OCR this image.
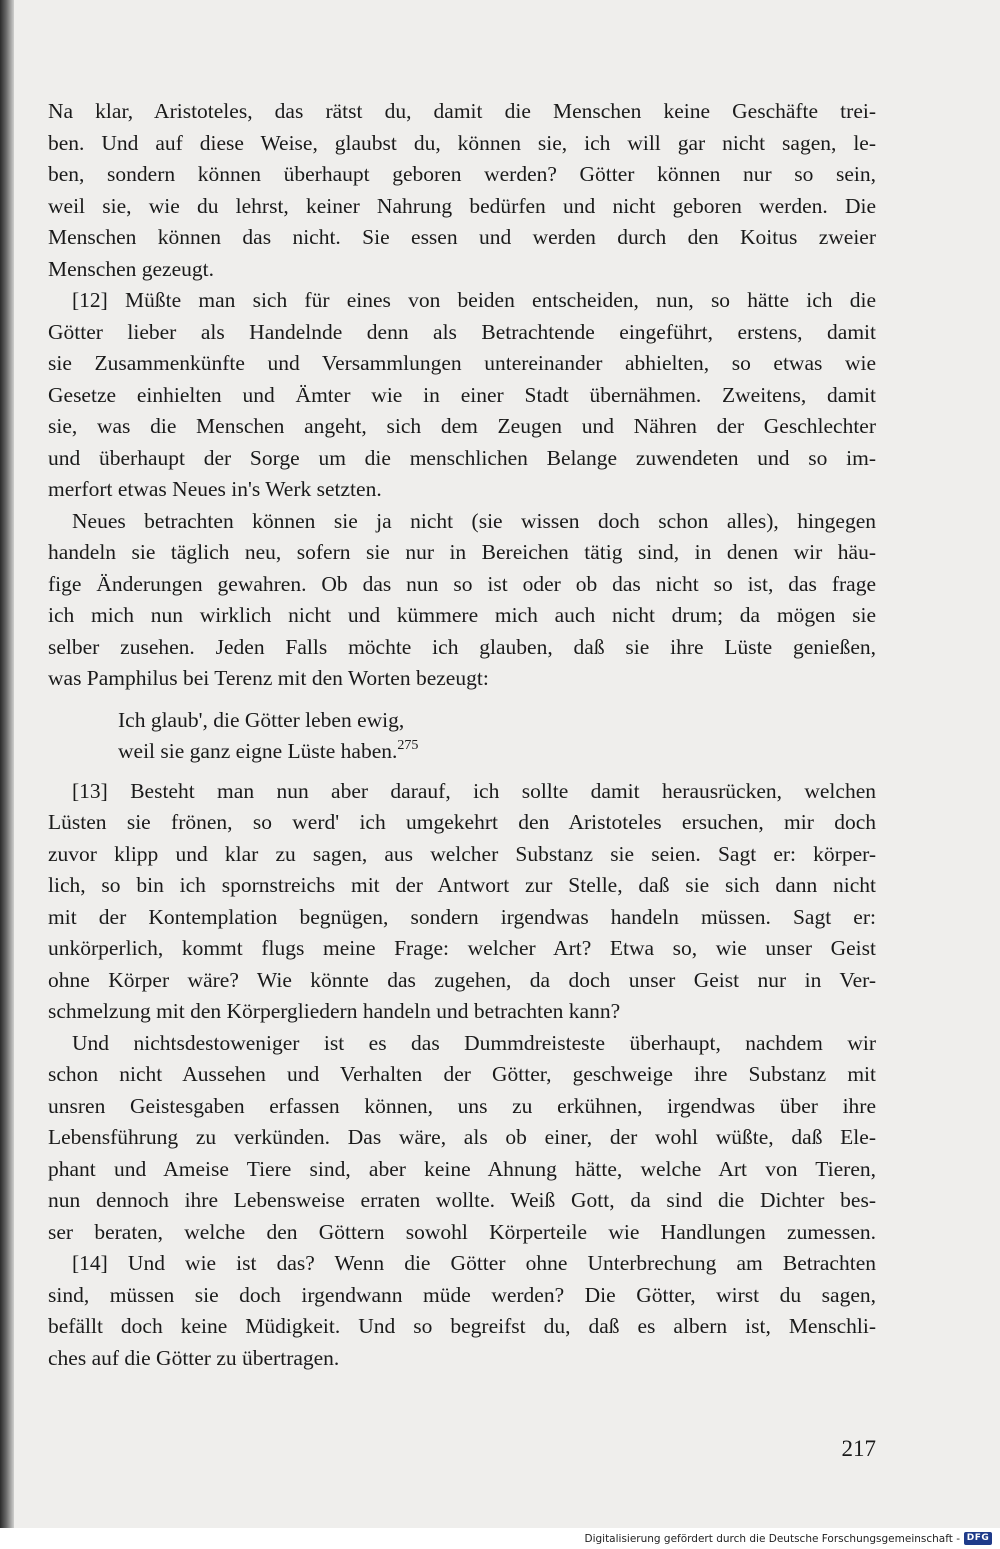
Na klar, Aristoteles, das rätst du, damit die Menschen keine Geschäfte trei-
ben. Und auf diese Weise, glaubst du, können sie, ich will gar nicht sagen, le-
ben, sondern können überhaupt geboren werden? Götter können nur so sein,
weil sie, wie du lehrst, keiner Nahrung bedürfen und nicht geboren werden. Die
Menschen können das nicht. Sie essen und werden durch den Koitus zweier
Menschen gezeugt.
[12] Müßte man sich für eines von beiden entscheiden, nun, so hätte ich die
Götter lieber als Handelnde denn als Betrachtende eingeführt, erstens, damit
sie Zusammenkünfte und Versammlungen untereinander abhielten, so etwas wie
Gesetze einhielten und Ämter wie in einer Stadt übernähmen. Zweitens, damit
sie, was die Menschen angeht, sich dem Zeugen und Nähren der Geschlechter
und überhaupt der Sorge um die menschlichen Belange zuwendeten und so im-
merfort etwas Neues in's Werk setzten.
Neues betrachten können sie ja nicht (sie wissen doch schon alles), hingegen
handeln sie täglich neu, sofern sie nur in Bereichen tätig sind, in denen wir häu-
fige Änderungen gewahren. Ob das nun so ist oder ob das nicht so ist, das frage
ich mich nun wirklich nicht und kümmere mich auch nicht drum; da mögen sie
selber zusehen. Jeden Falls möchte ich glauben, daß sie ihre Lüste genießen,
was Pamphilus bei Terenz mit den Worten bezeugt:
Ich glaub', die Götter leben ewig,
weil sie ganz eigne Lüste haben.$^{275}$
[13] Besteht man nun aber darauf, ich sollte damit herausrücken, welchen
Lüsten sie frönen, so werd' ich umgekehrt den Aristoteles ersuchen, mir doch
zuvor klipp und klar zu sagen, aus welcher Substanz sie seien. Sagt er: körper-
lich, so bin ich spornstreichs mit der Antwort zur Stelle, daß sie sich dann nicht
mit der Kontemplation begnügen, sondern irgendwas handeln müssen. Sagt er:
unkörperlich, kommt flugs meine Frage: welcher Art? Etwa so, wie unser Geist
ohne Körper wäre? Wie könnte das zugehen, da doch unser Geist nur in Ver-
schmelzung mit den Körpergliedern handeln und betrachten kann?
Und nichtsdestoweniger ist es das Dummdreisteste überhaupt, nachdem wir
schon nicht Aussehen und Verhalten der Götter, geschweige ihre Substanz mit
unsren Geistesgaben erfassen können, uns zu erkühnen, irgendwas über ihre
Lebensführung zu verkünden. Das wäre, als ob einer, der wohl wüßte, daß Ele-
phant und Ameise Tiere sind, aber keine Ahnung hätte, welche Art von Tieren,
nun dennoch ihre Lebensweise erraten wollte. Weiß Gott, da sind die Dichter bes-
ser beraten, welche den Göttern sowohl Körperteile wie Handlungen zumessen.
[14] Und wie ist das? Wenn die Götter ohne Unterbrechung am Betrachten
sind, müssen sie doch irgendwann müde werden? Die Götter, wirst du sagen,
befällt doch keine Müdigkeit. Und so begreifst du, daß es albern ist, Menschli-
ches auf die Götter zu übertragen.
217
Digitalisierung gefördert durch die Deutsche Forschungsgemeinschaft - DFG
